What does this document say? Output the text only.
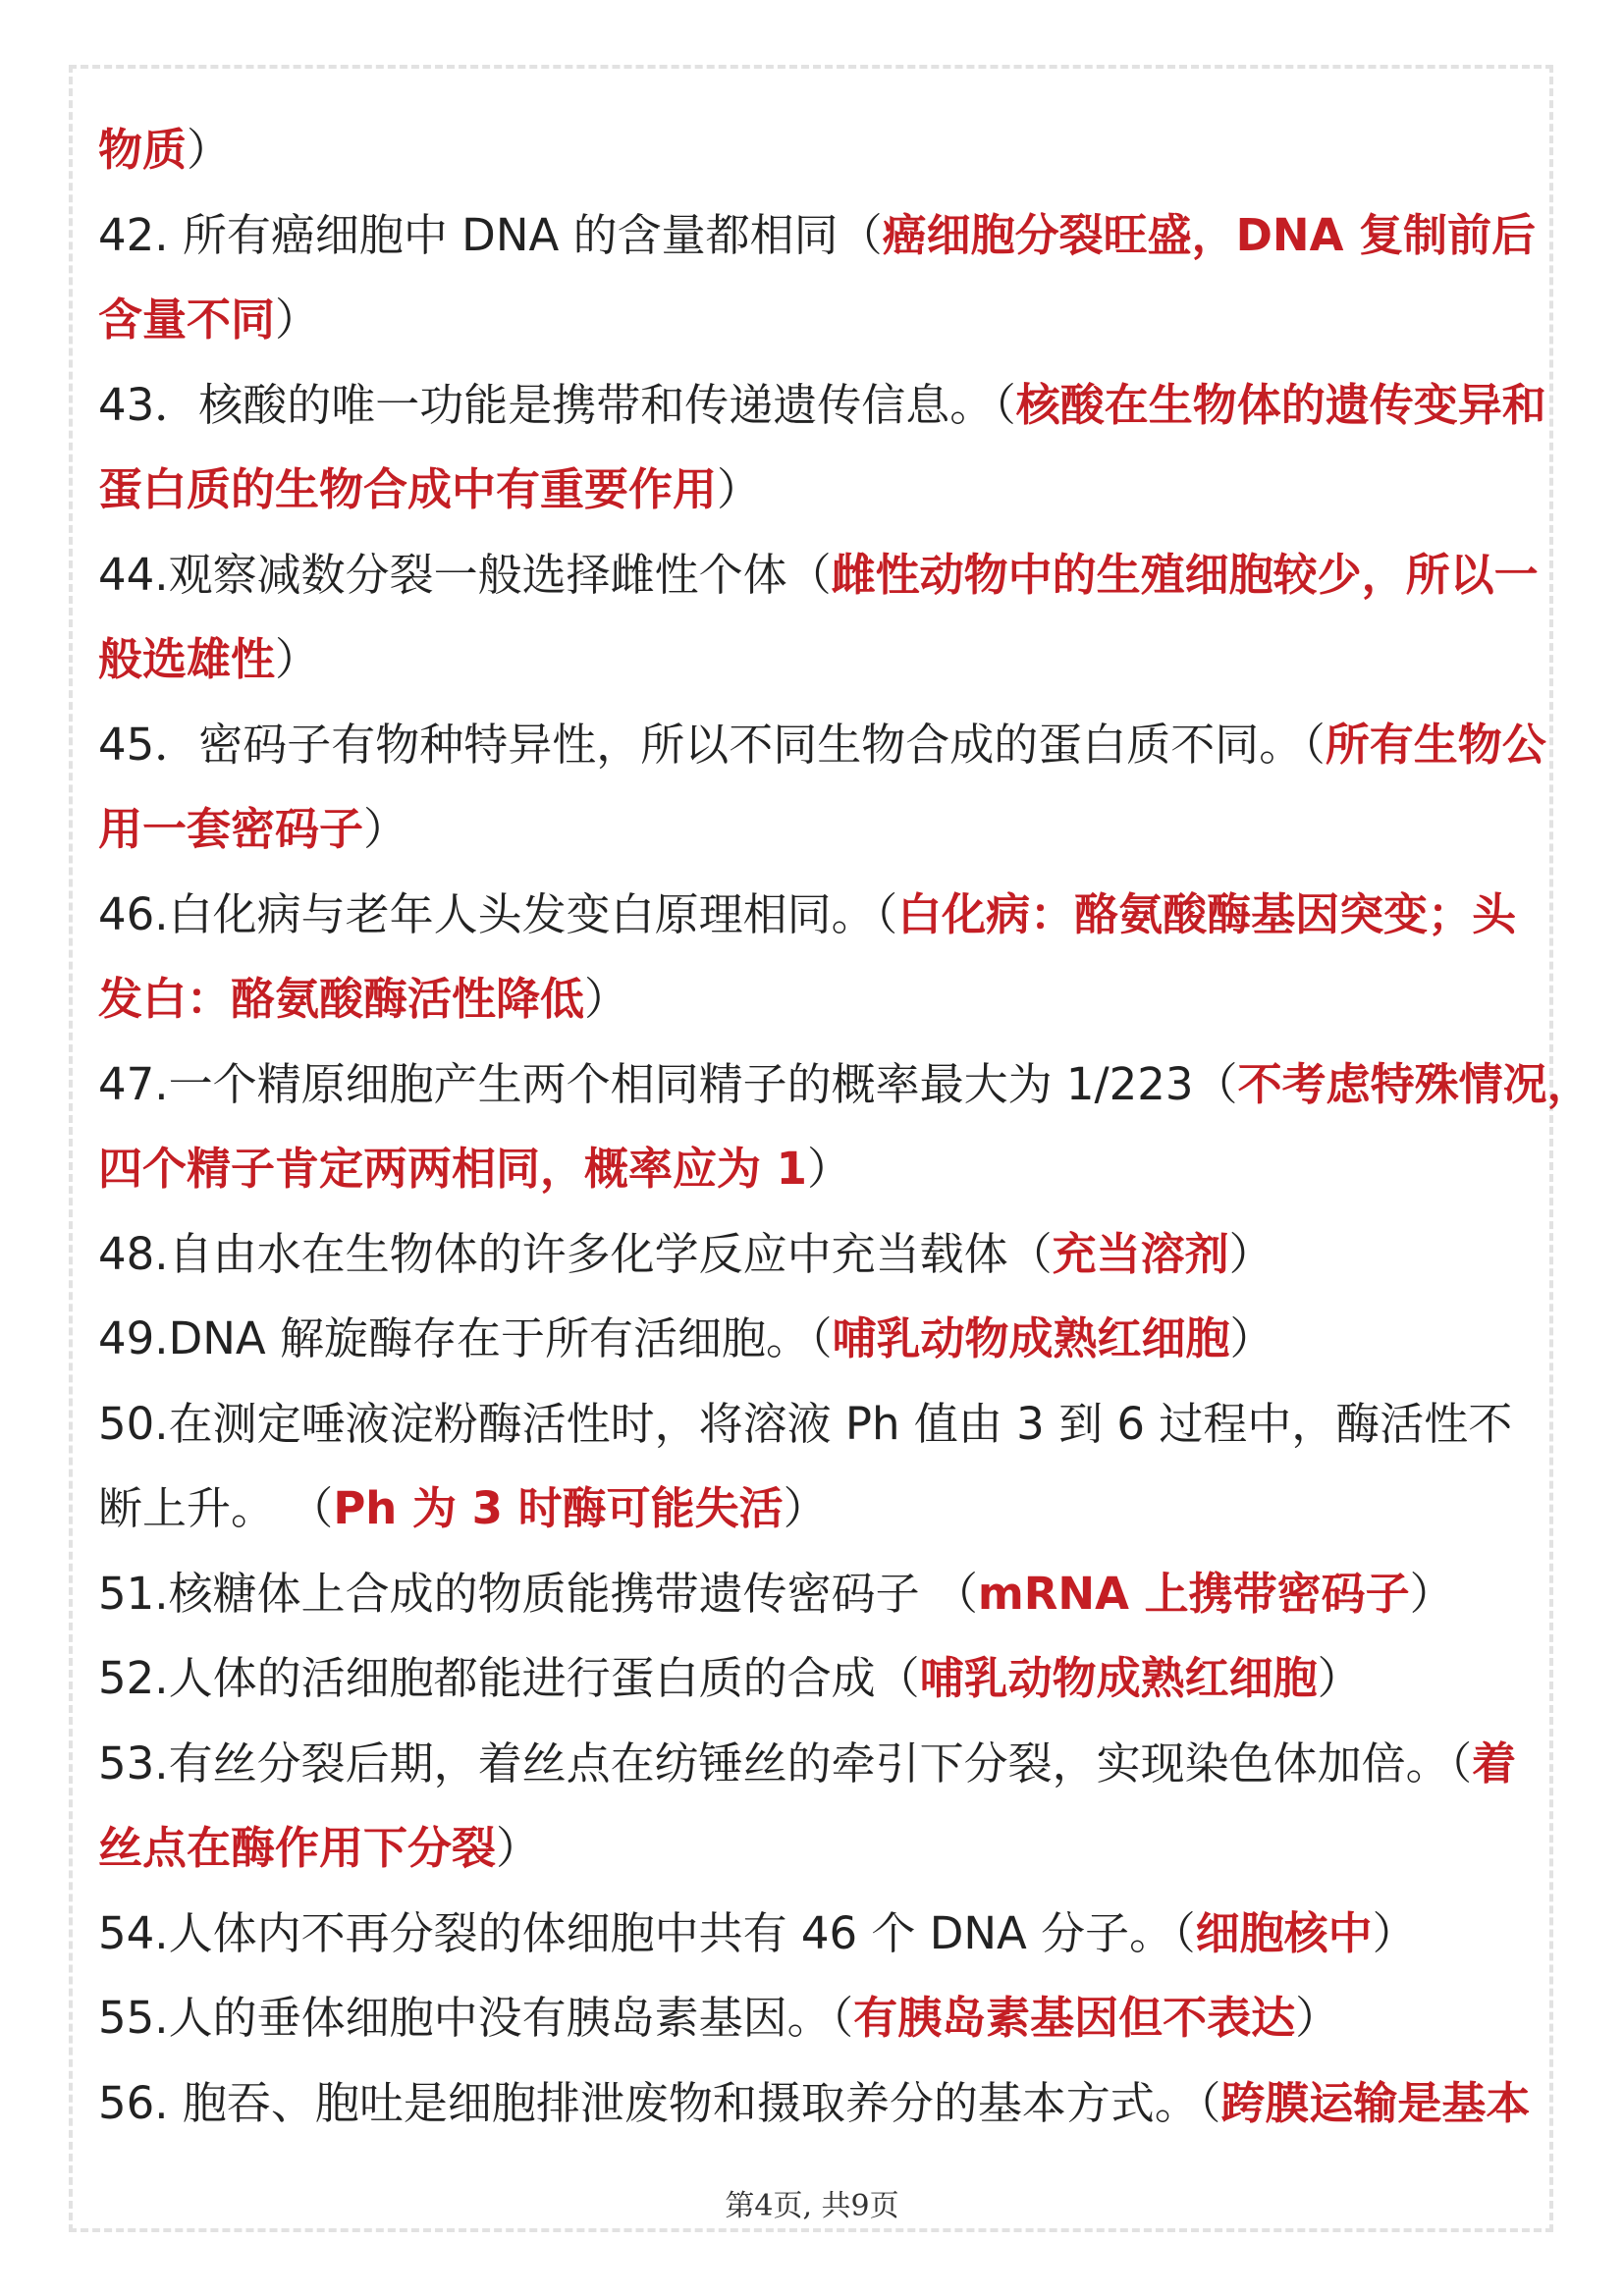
物质）
42. 所有癌细胞中 DNA 的含量都相同（癌细胞分裂旺盛，DNA 复制前后
含量不同）
43．核酸的唯一功能是携带和传递遗传信息。（核酸在生物体的遗传变异和
蛋白质的生物合成中有重要作用）
44.观察减数分裂一般选择雌性个体（雌性动物中的生殖细胞较少，所以一
般选雄性）
45．密码子有物种特异性，所以不同生物合成的蛋白质不同。（所有生物公
用一套密码子）
46.白化病与老年人头发变白原理相同。（白化病：酪氨酸酶基因突变；头
发白：酪氨酸酶活性降低）
47.一个精原细胞产生两个相同精子的概率最大为 1/223（不考虑特殊情况，
四个精子肯定两两相同，概率应为 1）
48.自由水在生物体的许多化学反应中充当载体（充当溶剂）
49.DNA 解旋酶存在于所有活细胞。（哺乳动物成熟红细胞）
50.在测定唾液淀粉酶活性时，将溶液 Ph 值由 3 到 6 过程中，酶活性不
断上升。 （Ph 为 3 时酶可能失活）
51.核糖体上合成的物质能携带遗传密码子 （mRNA 上携带密码子）
52.人体的活细胞都能进行蛋白质的合成（哺乳动物成熟红细胞）
53.有丝分裂后期，着丝点在纺锤丝的牵引下分裂，实现染色体加倍。（着
丝点在酶作用下分裂）
54.人体内不再分裂的体细胞中共有 46 个 DNA 分子。（细胞核中）
55.人的垂体细胞中没有胰岛素基因。（有胰岛素基因但不表达）
56. 胞吞、胞吐是细胞排泄废物和摄取养分的基本方式。（跨膜运输是基本
第4页, 共9页
